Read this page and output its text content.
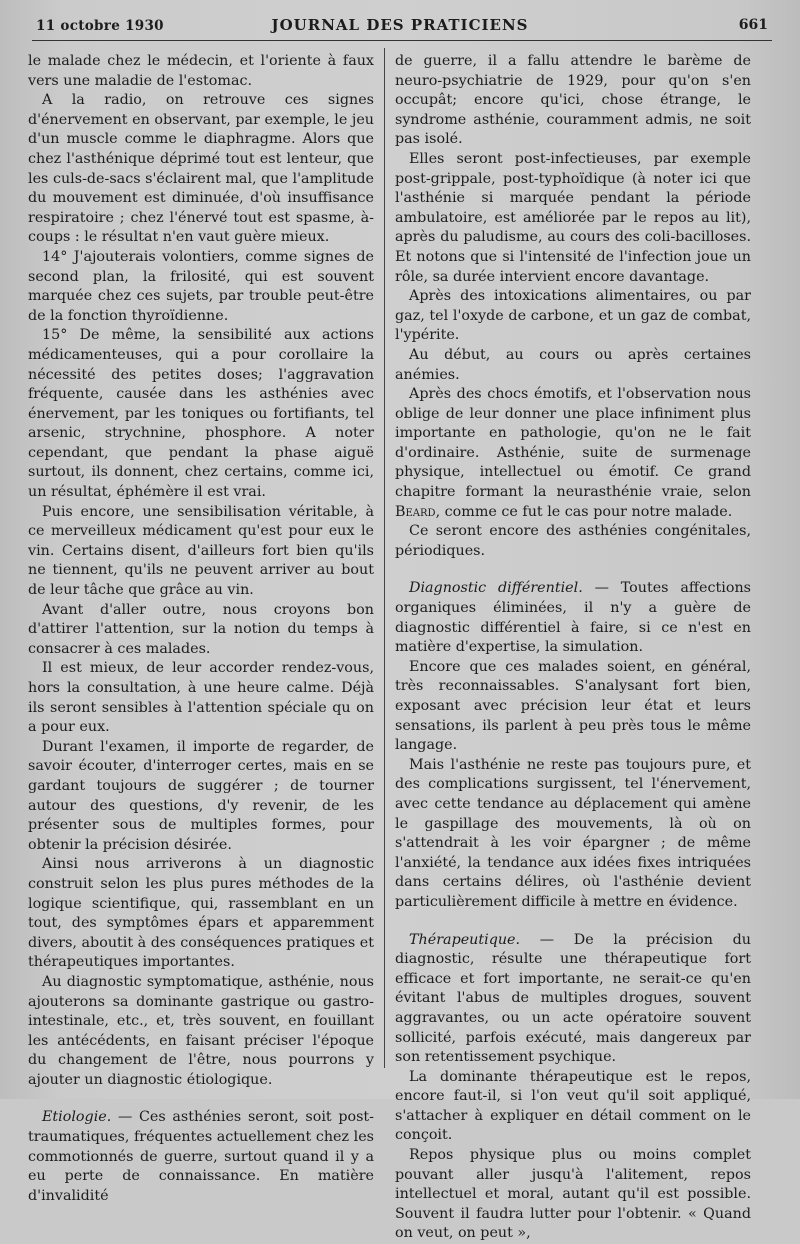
11 octobre 1930	JOURNAL DES PRATICIENS	661

le malade chez le médecin, et l'oriente à faux vers une maladie de l'estomac.

A la radio, on retrouve ces signes d'énervement en observant, par exemple, le jeu d'un muscle comme le diaphragme. Alors que chez l'asthénique déprimé tout est lenteur, que les culs-de-sacs s'éclairent mal, que l'amplitude du mouvement est diminuée, d'où insuffisance respiratoire ; chez l'énervé tout est spasme, à-coups : le résultat n'en vaut guère mieux.

14° J'ajouterais volontiers, comme signes de second plan, la frilosité, qui est souvent marquée chez ces sujets, par trouble peut-être de la fonction thyroïdienne.

15° De même, la sensibilité aux actions médicamenteuses, qui a pour corollaire la nécessité des petites doses; l'aggravation fréquente, causée dans les asthénies avec énervement, par les toniques ou fortifiants, tel arsenic, strychnine, phosphore. A noter cependant, que pendant la phase aiguë surtout, ils donnent, chez certains, comme ici, un résultat, éphémère il est vrai.

Puis encore, une sensibilisation véritable, à ce merveilleux médicament qu'est pour eux le vin. Certains disent, d'ailleurs fort bien qu'ils ne tiennent, qu'ils ne peuvent arriver au bout de leur tâche que grâce au vin.

Avant d'aller outre, nous croyons bon d'attirer l'attention, sur la notion du temps à consacrer à ces malades.

Il est mieux, de leur accorder rendez-vous, hors la consultation, à une heure calme. Déjà ils seront sensibles à l'attention spéciale qu on a pour eux.

Durant l'examen, il importe de regarder, de savoir écouter, d'interroger certes, mais en se gardant toujours de suggérer ; de tourner autour des questions, d'y revenir, de les présenter sous de multiples formes, pour obtenir la précision désirée.

Ainsi nous arriverons à un diagnostic construit selon les plus pures méthodes de la logique scientifique, qui, rassemblant en un tout, des symptômes épars et apparemment divers, aboutit à des conséquences pratiques et thérapeutiques importantes.

Au diagnostic symptomatique, asthénie, nous ajouterons sa dominante gastrique ou gastro-intestinale, etc., et, très souvent, en fouillant les antécédents, en faisant préciser l'époque du changement de l'être, nous pourrons y ajouter un diagnostic étiologique.

Etiologie. — Ces asthénies seront, soit post-traumatiques, fréquentes actuellement chez les commotionnés de guerre, surtout quand il y a eu perte de connaissance. En matière d'invalidité

de guerre, il a fallu attendre le barème de neuro-psychiatrie de 1929, pour qu'on s'en occupât; encore qu'ici, chose étrange, le syndrome asthénie, couramment admis, ne soit pas isolé.

Elles seront post-infectieuses, par exemple post-grippale, post-typhoïdique (à noter ici que l'asthénie si marquée pendant la période ambulatoire, est améliorée par le repos au lit), après du paludisme, au cours des coli-bacilloses. Et notons que si l'intensité de l'infection joue un rôle, sa durée intervient encore davantage.

Après des intoxications alimentaires, ou par gaz, tel l'oxyde de carbone, et un gaz de combat, l'ypérite.

Au début, au cours ou après certaines anémies.

Après des chocs émotifs, et l'observation nous oblige de leur donner une place infiniment plus importante en pathologie, qu'on ne le fait d'ordinaire. Asthénie, suite de surmenage physique, intellectuel ou émotif. Ce grand chapitre formant la neurasthénie vraie, selon Beard, comme ce fut le cas pour notre malade.

Ce seront encore des asthénies congénitales, périodiques.

Diagnostic différentiel. — Toutes affections organiques éliminées, il n'y a guère de diagnostic différentiel à faire, si ce n'est en matière d'expertise, la simulation.

Encore que ces malades soient, en général, très reconnaissables. S'analysant fort bien, exposant avec précision leur état et leurs sensations, ils parlent à peu près tous le même langage.

Mais l'asthénie ne reste pas toujours pure, et des complications surgissent, tel l'énervement, avec cette tendance au déplacement qui amène le gaspillage des mouvements, là où on s'attendrait à les voir épargner ; de même l'anxiété, la tendance aux idées fixes intriquées dans certains délires, où l'asthénie devient particulièrement difficile à mettre en évidence.

Thérapeutique. — De la précision du diagnostic, résulte une thérapeutique fort efficace et fort importante, ne serait-ce qu'en évitant l'abus de multiples drogues, souvent aggravantes, ou un acte opératoire souvent sollicité, parfois exécuté, mais dangereux par son retentissement psychique.

La dominante thérapeutique est le repos, encore faut-il, si l'on veut qu'il soit appliqué, s'attacher à expliquer en détail comment on le conçoit.

Repos physique plus ou moins complet pouvant aller jusqu'à l'alitement, repos intellectuel et moral, autant qu'il est possible. Souvent il faudra lutter pour l'obtenir. « Quand on veut, on peut »,
